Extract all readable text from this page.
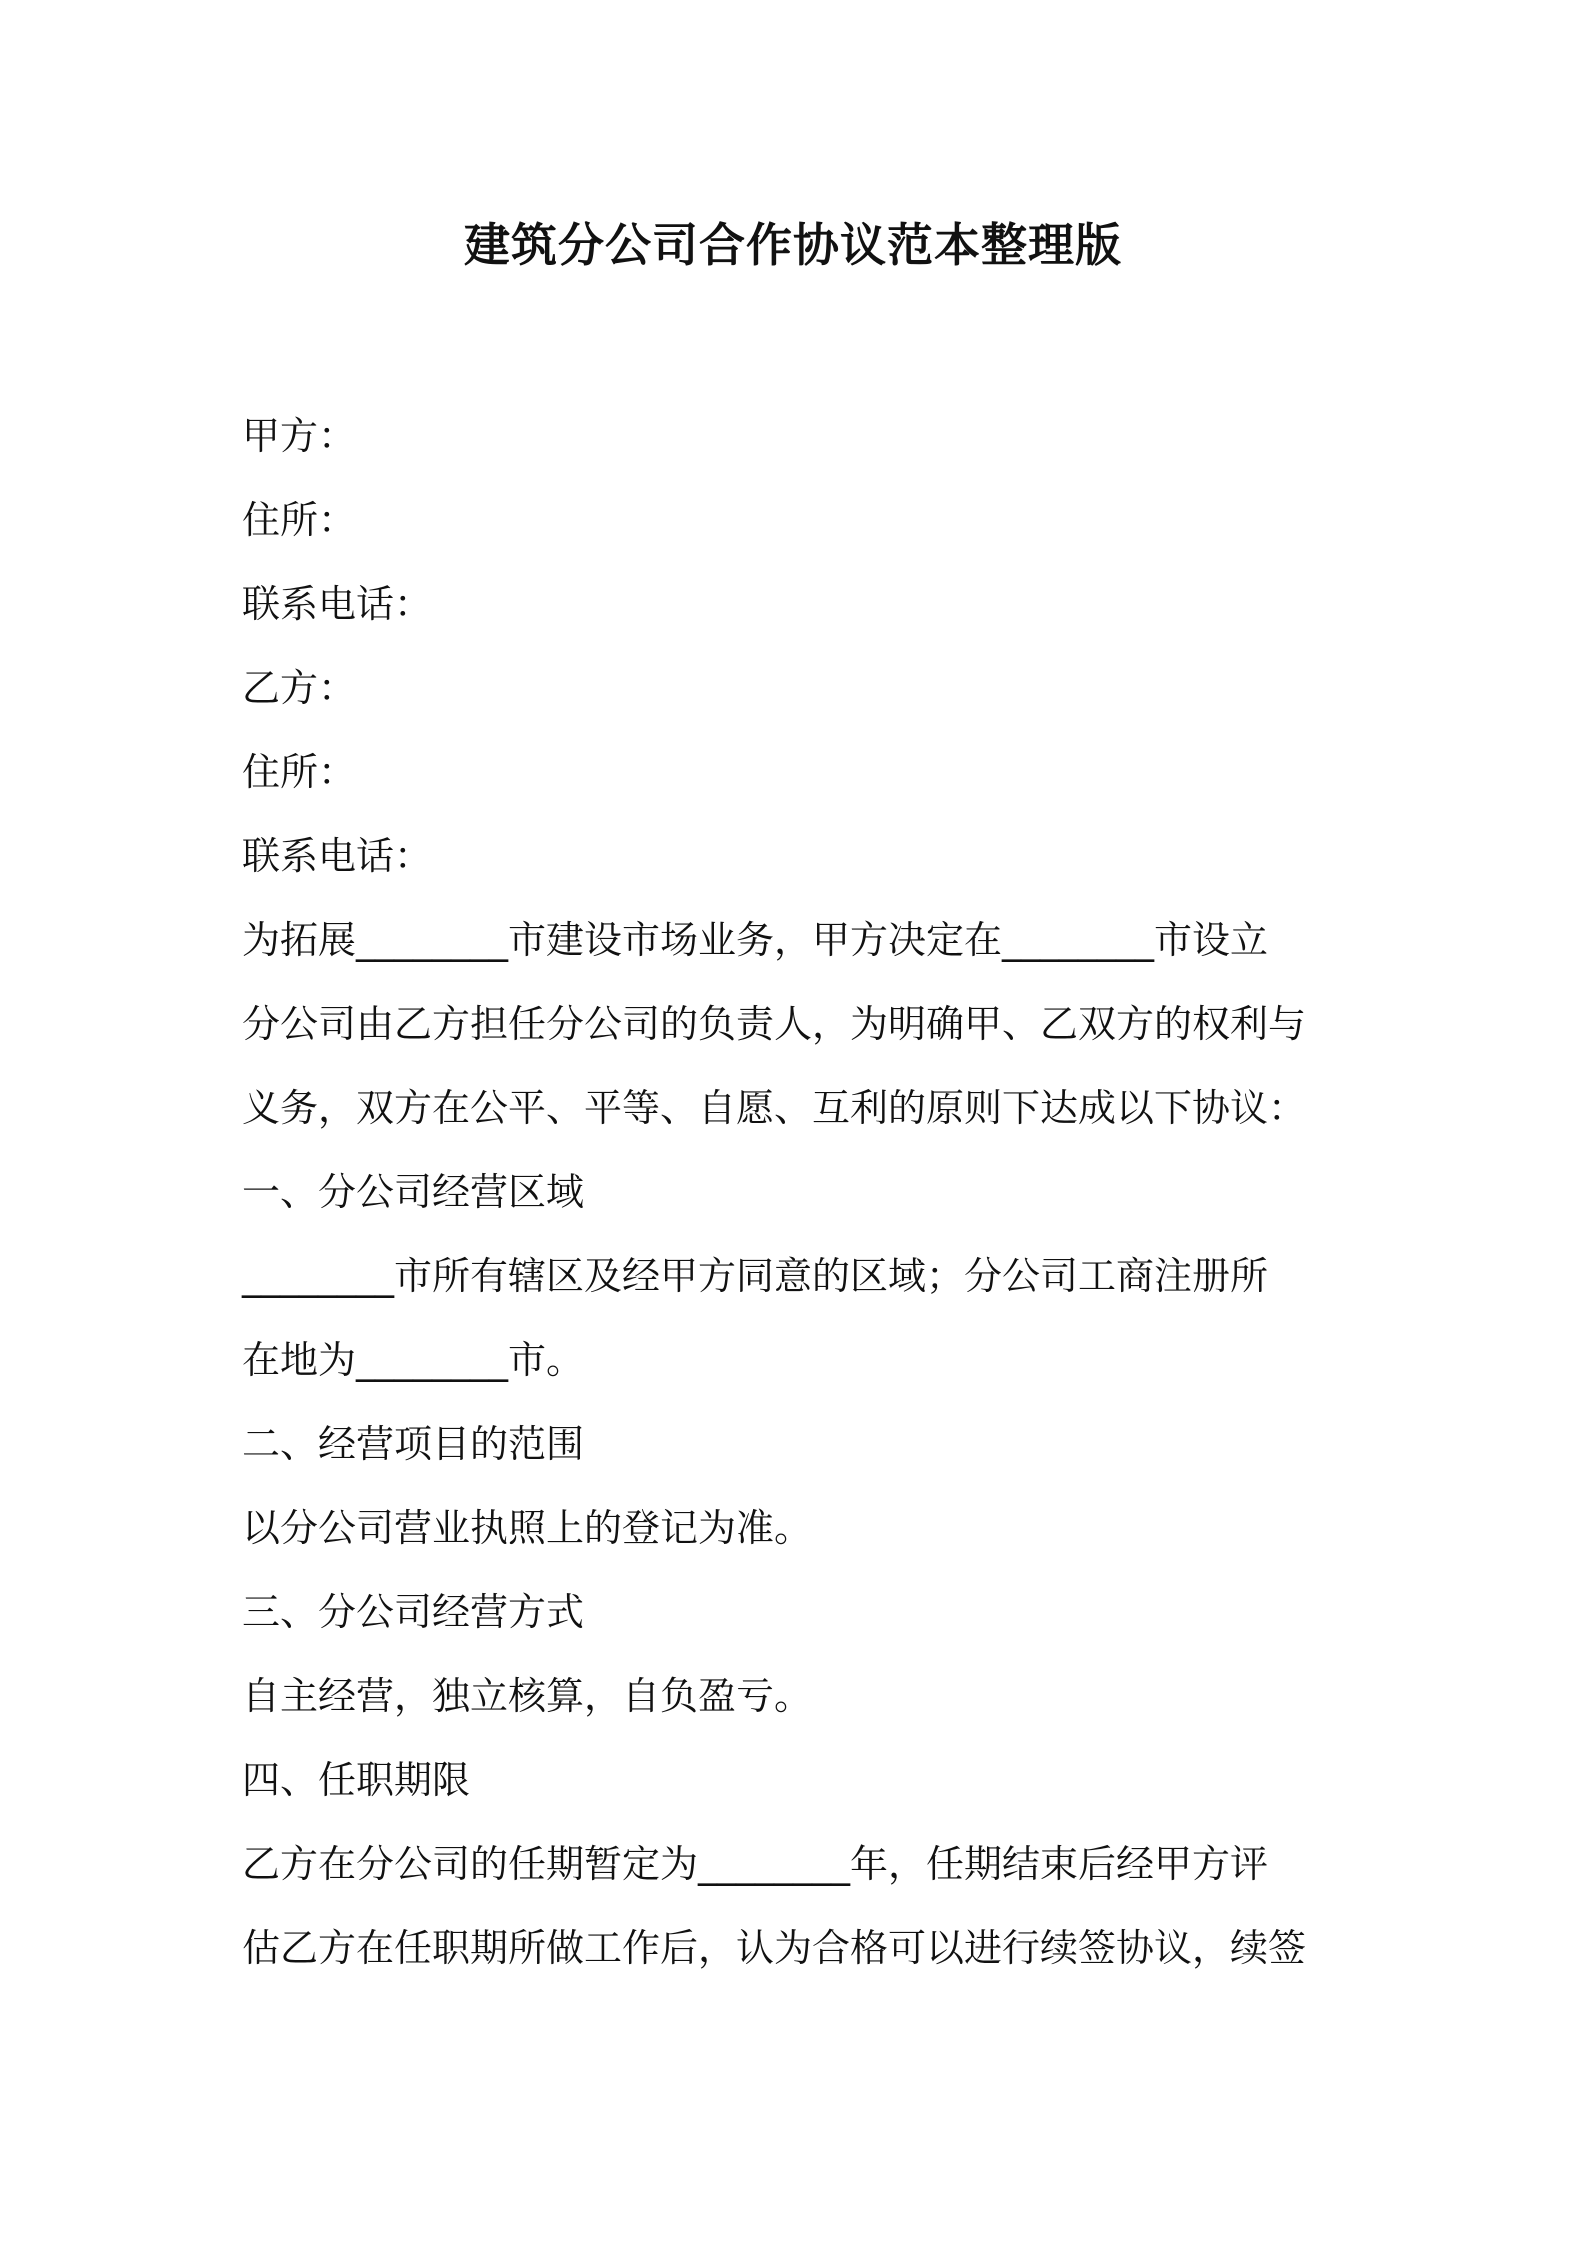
建筑分公司合作协议范本整理版

甲方：

住所：

联系电话：

乙方：

住所：

联系电话：

为拓展________市建设市场业务，甲方决定在________市设立

分公司由乙方担任分公司的负责人，为明确甲、乙双方的权利与

义务，双方在公平、平等、自愿、互利的原则下达成以下协议：

一、分公司经营区域

________市所有辖区及经甲方同意的区域；分公司工商注册所

在地为________市。

二、经营项目的范围

以分公司营业执照上的登记为准。

三、分公司经营方式

自主经营，独立核算，自负盈亏。

四、任职期限

乙方在分公司的任期暂定为________年，任期结束后经甲方评

估乙方在任职期所做工作后，认为合格可以进行续签协议，续签
